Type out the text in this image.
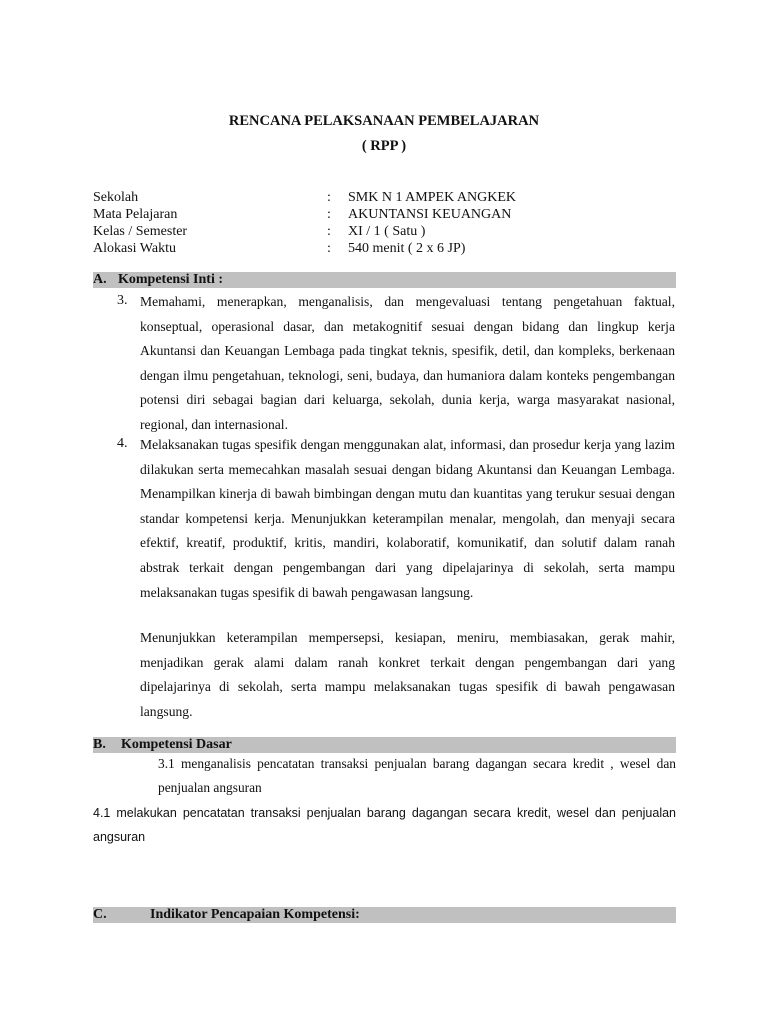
RENCANA PELAKSANAAN PEMBELAJARAN
( RPP )
Sekolah	: SMK N 1 AMPEK ANGKEK
Mata Pelajaran	: AKUNTANSI KEUANGAN
Kelas / Semester	: XI / 1 ( Satu )
Alokasi Waktu	: 540 menit ( 2 x 6 JP)
A. Kompetensi Inti :
3. Memahami, menerapkan, menganalisis, dan mengevaluasi tentang pengetahuan faktual, konseptual, operasional dasar, dan metakognitif sesuai dengan bidang dan lingkup kerja Akuntansi dan Keuangan Lembaga pada tingkat teknis, spesifik, detil, dan kompleks, berkenaan dengan ilmu pengetahuan, teknologi, seni, budaya, dan humaniora dalam konteks pengembangan potensi diri sebagai bagian dari keluarga, sekolah, dunia kerja, warga masyarakat nasional, regional, dan internasional.
4. Melaksanakan tugas spesifik dengan menggunakan alat, informasi, dan prosedur kerja yang lazim dilakukan serta memecahkan masalah sesuai dengan bidang Akuntansi dan Keuangan Lembaga. Menampilkan kinerja di bawah bimbingan dengan mutu dan kuantitas yang terukur sesuai dengan standar kompetensi kerja. Menunjukkan keterampilan menalar, mengolah, dan menyaji secara efektif, kreatif, produktif, kritis, mandiri, kolaboratif, komunikatif, dan solutif dalam ranah abstrak terkait dengan pengembangan dari yang dipelajarinya di sekolah, serta mampu melaksanakan tugas spesifik di bawah pengawasan langsung.
Menunjukkan keterampilan mempersepsi, kesiapan, meniru, membiasakan, gerak mahir, menjadikan gerak alami dalam ranah konkret terkait dengan pengembangan dari yang dipelajarinya di sekolah, serta mampu melaksanakan tugas spesifik di bawah pengawasan langsung.
B. Kompetensi Dasar
3.1 menganalisis pencatatan transaksi penjualan barang dagangan secara kredit , wesel dan penjualan angsuran
4.1 melakukan pencatatan transaksi penjualan barang dagangan secara kredit, wesel dan penjualan angsuran
C.	Indikator Pencapaian Kompetensi:
